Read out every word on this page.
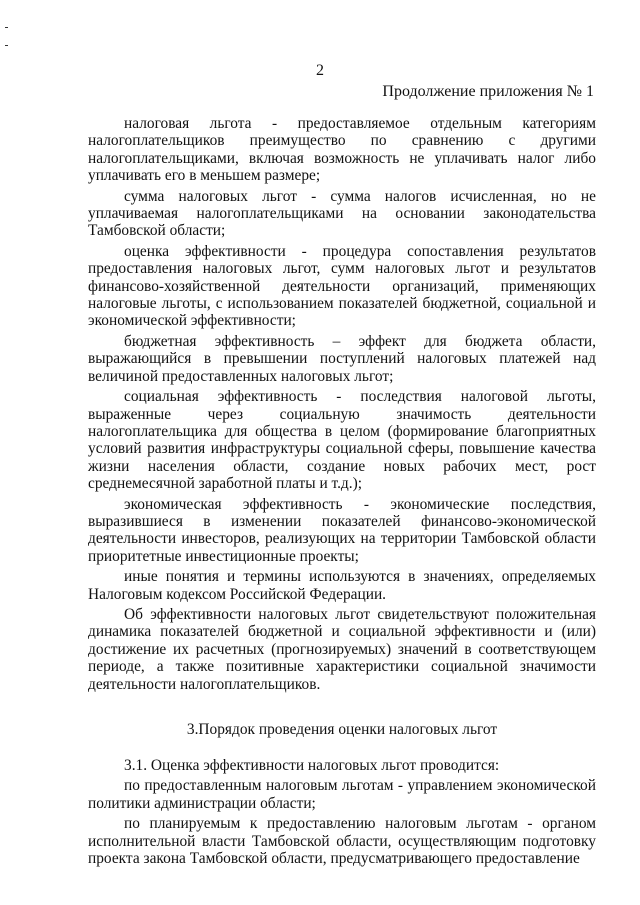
2
Продолжение приложения № 1

налоговая льгота - предоставляемое отдельным категориям налогоплательщиков преимущество по сравнению с другими налогоплательщиками, включая возможность не уплачивать налог либо уплачивать его в меньшем размере;

сумма налоговых льгот - сумма налогов исчисленная, но не уплачиваемая налогоплательщиками на основании законодательства Тамбовской области;

оценка эффективности - процедура сопоставления результатов предоставления налоговых льгот, сумм налоговых льгот и результатов финансово-хозяйственной деятельности организаций, применяющих налоговые льготы, с использованием показателей бюджетной, социальной и экономической эффективности;

бюджетная эффективность – эффект для бюджета области, выражающийся в превышении поступлений налоговых платежей над величиной предоставленных налоговых льгот;

социальная эффективность - последствия налоговой льготы, выраженные через социальную значимость деятельности налогоплательщика для общества в целом (формирование благоприятных условий развития инфраструктуры социальной сферы, повышение качества жизни населения области, создание новых рабочих мест, рост среднемесячной заработной платы и т.д.);

экономическая эффективность - экономические последствия, выразившиеся в изменении показателей финансово-экономической деятельности инвесторов, реализующих на территории Тамбовской области приоритетные инвестиционные проекты;

иные понятия и термины используются в значениях, определяемых Налоговым кодексом Российской Федерации.

Об эффективности налоговых льгот свидетельствуют положительная динамика показателей бюджетной и социальной эффективности и (или) достижение их расчетных (прогнозируемых) значений в соответствующем периоде, а также позитивные характеристики социальной значимости деятельности налогоплательщиков.

3.Порядок проведения оценки налоговых льгот

3.1. Оценка эффективности налоговых льгот проводится:

по предоставленным налоговым льготам - управлением экономической политики администрации области;

по планируемым к предоставлению налоговым льготам - органом исполнительной власти Тамбовской области, осуществляющим подготовку проекта закона Тамбовской области, предусматривающего предоставление
